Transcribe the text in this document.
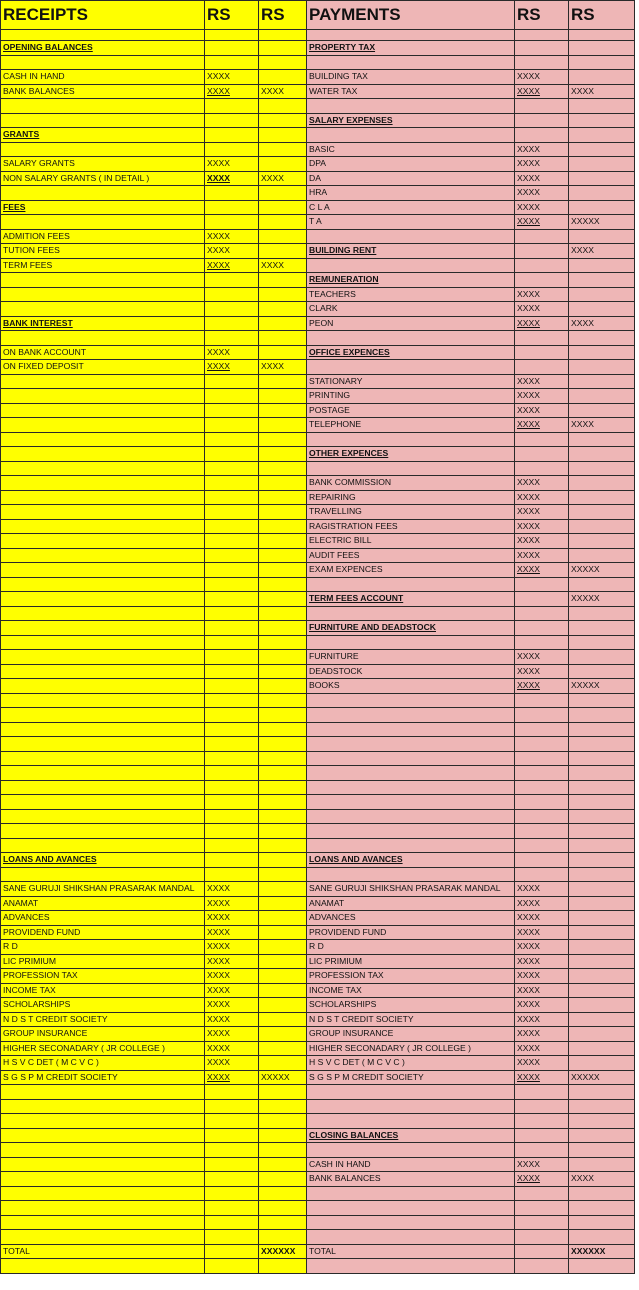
RECEIPTS	RS	RS	PAYMENTS	RS	RS

OPENING BALANCES			PROPERTY TAX		

CASH IN HAND	XXXX		BUILDING TAX	XXXX	
BANK BALANCES	XXXX	XXXX	WATER TAX	XXXX	XXXX

			SALARY EXPENSES		
GRANTS					
			BASIC	XXXX	
SALARY GRANTS	XXXX		DPA	XXXX	
NON SALARY GRANTS ( IN DETAIL )	XXXX	XXXX	DA	XXXX	
			HRA	XXXX	
FEES			C L A	XXXX	
			T A	XXXX	XXXXX
ADMITION FEES	XXXX				
TUTION FEES	XXXX		BUILDING RENT		XXXX
TERM FEES	XXXX	XXXX			
			REMUNERATION		
			TEACHERS	XXXX	
			CLARK	XXXX	
BANK INTEREST			PEON	XXXX	XXXX

ON BANK ACCOUNT	XXXX		OFFICE EXPENCES		
ON FIXED DEPOSIT	XXXX	XXXX			
			STATIONARY	XXXX	
			PRINTING	XXXX	
			POSTAGE	XXXX	
			TELEPHONE	XXXX	XXXX

			OTHER EXPENCES		

			BANK COMMISSION	XXXX	
			REPAIRING	XXXX	
			TRAVELLING	XXXX	
			RAGISTRATION FEES	XXXX	
			ELECTRIC BILL	XXXX	
			AUDIT FEES	XXXX	
			EXAM EXPENCES	XXXX	XXXXX

			TERM FEES ACCOUNT		XXXXX

			FURNITURE AND DEADSTOCK		

			FURNITURE	XXXX	
			DEADSTOCK	XXXX	
			BOOKS	XXXX	XXXXX

LOANS AND AVANCES			LOANS AND AVANCES		

SANE GURUJI SHIKSHAN PRASARAK MANDAL	XXXX		SANE GURUJI SHIKSHAN PRASARAK MANDAL	XXXX	
ANAMAT	XXXX		ANAMAT	XXXX	
ADVANCES	XXXX		ADVANCES	XXXX	
PROVIDEND FUND	XXXX		PROVIDEND FUND	XXXX	
R D	XXXX		R D	XXXX	
LIC PRIMIUM	XXXX		LIC PRIMIUM	XXXX	
PROFESSION TAX	XXXX		PROFESSION TAX	XXXX	
INCOME TAX	XXXX		INCOME TAX	XXXX	
SCHOLARSHIPS	XXXX		SCHOLARSHIPS	XXXX	
N D S T CREDIT SOCIETY	XXXX		N D S T CREDIT SOCIETY	XXXX	
GROUP INSURANCE	XXXX		GROUP INSURANCE	XXXX	
HIGHER SECONADARY ( JR COLLEGE )	XXXX		HIGHER SECONADARY ( JR COLLEGE )	XXXX	
H S V C DET ( M C V C )	XXXX		H S V C DET ( M C V C )	XXXX	
S G S P M CREDIT SOCIETY	XXXX	XXXXX	S G S P M CREDIT SOCIETY	XXXX	XXXXX

			CLOSING BALANCES		

			CASH IN HAND	XXXX	
			BANK BALANCES	XXXX	XXXX

TOTAL		XXXXXX	TOTAL		XXXXXX
